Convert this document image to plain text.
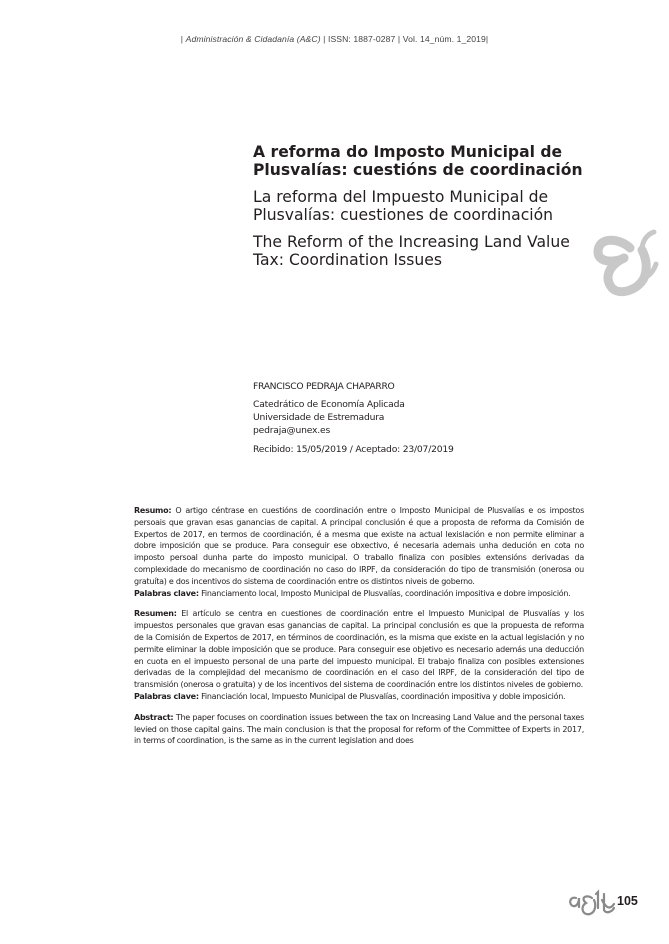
| Administración & Cidadanía (A&C) | ISSN: 1887-0287 | Vol. 14_núm. 1_2019|
A reforma do Imposto Municipal de Plusvalías: cuestións de coordinación
La reforma del Impuesto Municipal de Plusvalías: cuestiones de coordinación
The Reform of the Increasing Land Value Tax: Coordination Issues
FRANCISCO PEDRAJA CHAPARRO
Catedrático de Economía Aplicada
Universidade de Estremadura
pedraja@unex.es
Recibido: 15/05/2019 / Aceptado: 23/07/2019

Resumo: O artigo céntrase en cuestións de coordinación entre o Imposto Municipal de Plusvalías e os impostos persoais que gravan esas ganancias de capital. A principal conclusión é que a proposta de reforma da Comisión de Expertos de 2017, en termos de coordinación, é a mesma que existe na actual lexislación e non permite eliminar a dobre imposición que se produce. Para conseguir ese obxectivo, é necesaria ademais unha dedución en cota no imposto persoal dunha parte do imposto municipal. O traballo finaliza con posibles extensións derivadas da complexidade do mecanismo de coordinación no caso do IRPF, da consideración do tipo de transmisión (onerosa ou gratuíta) e dos incentivos do sistema de coordinación entre os distintos niveis de goberno.

Palabras clave: Financiamento local, Imposto Municipal de Plusvalías, coordinación impositiva e dobre imposición.

Resumen: El artículo se centra en cuestiones de coordinación entre el Impuesto Municipal de Plusvalías y los impuestos personales que gravan esas ganancias de capital. La principal conclusión es que la propuesta de reforma de la Comisión de Expertos de 2017, en términos de coordinación, es la misma que existe en la actual legislación y no permite eliminar la doble imposición que se produce. Para conseguir ese objetivo es necesario además una deducción en cuota en el impuesto personal de una parte del impuesto municipal. El trabajo finaliza con posibles extensiones derivadas de la complejidad del mecanismo de coordinación en el caso del IRPF, de la consideración del tipo de transmisión (onerosa o gratuita) y de los incentivos del sistema de coordinación entre los distintos niveles de gobierno.

Palabras clave: Financiación local, Impuesto Municipal de Plusvalías, coordinación impositiva y doble imposición.

Abstract: The paper focuses on coordination issues between the tax on Increasing Land Value and the personal taxes levied on those capital gains. The main conclusion is that the proposal for reform of the Committee of Experts in 2017, in terms of coordination, is the same as in the current legislation and does

105
